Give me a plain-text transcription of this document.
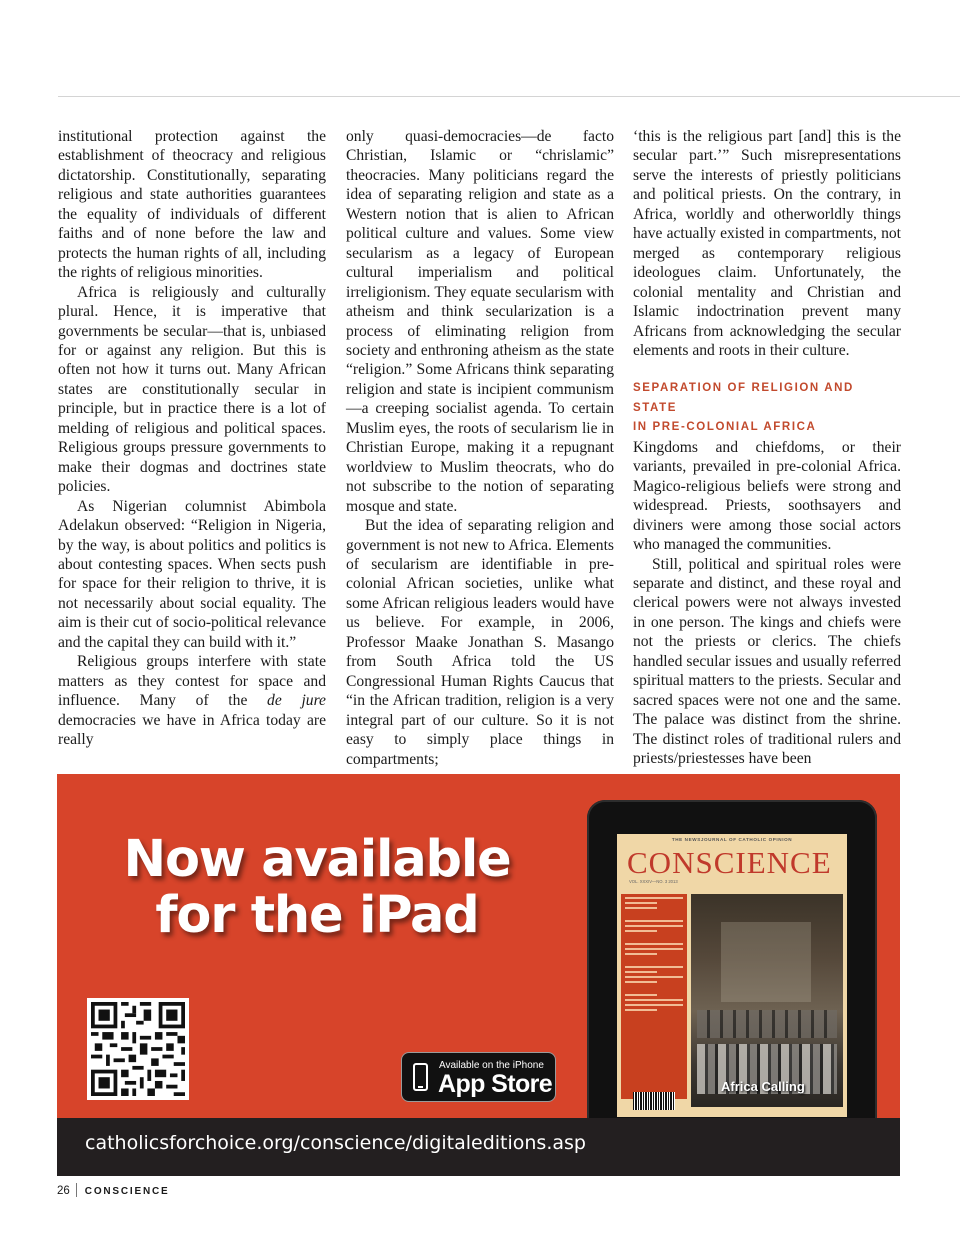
institutional protection against the establishment of theocracy and religious dictatorship. Constitutionally, separating religious and state authorities guarantees the equality of individuals of different faiths and of none before the law and protects the human rights of all, including the rights of religious minorities.

Africa is religiously and culturally plural. Hence, it is imperative that governments be secular—that is, unbiased for or against any religion. But this is often not how it turns out. Many African states are constitutionally secular in principle, but in practice there is a lot of melding of religious and political spaces. Religious groups pressure governments to make their dogmas and doctrines state policies.

As Nigerian columnist Abimbola Adelakun observed: “Religion in Nigeria, by the way, is about politics and politics is about contesting spaces. When sects push for space for their religion to thrive, it is not necessarily about social equality. The aim is their cut of socio-political relevance and the capital they can build with it.”

Religious groups interfere with state matters as they contest for space and influence. Many of the de jure democracies we have in Africa today are really

only quasi-democracies—de facto Christian, Islamic or “chrislamic” theocracies. Many politicians regard the idea of separating religion and state as a Western notion that is alien to African political culture and values. Some view secularism as a legacy of European cultural imperialism and political irreligionism. They equate secularism with atheism and think secularization is a process of eliminating religion from society and enthroning atheism as the state “religion.” Some Africans think separating religion and state is incipient communism—a creeping socialist agenda. To certain Muslim eyes, the roots of secularism lie in Christian Europe, making it a repugnant worldview to Muslim theocrats, who do not subscribe to the notion of separating mosque and state.

But the idea of separating religion and government is not new to Africa. Elements of secularism are identifiable in pre-colonial African societies, unlike what some African religious leaders would have us believe. For example, in 2006, Professor Maake Jonathan S. Masango from South Africa told the US Congressional Human Rights Caucus that “in the African tradition, religion is a very integral part of our culture. So it is not easy to simply place things in compartments;

‘this is the religious part [and] this is the secular part.’” Such misrepresentations serve the interests of priestly politicians and political priests. On the contrary, in Africa, worldly and otherworldly things have actually existed in compartments, not merged as contemporary religious ideologues claim. Unfortunately, the colonial mentality and Christian and Islamic indoctrination prevent many Africans from acknowledging the secular elements and roots in their culture.

SEPARATION OF RELIGION AND STATE
IN PRE-COLONIAL AFRICA

Kingdoms and chiefdoms, or their variants, prevailed in pre-colonial Africa. Magico-religious beliefs were strong and widespread. Priests, soothsayers and diviners were among those social actors who managed the communities.

Still, political and spiritual roles were separate and distinct, and these royal and clerical powers were not always invested in one person. The kings and chiefs were not the priests or clerics. The chiefs handled secular issues and usually referred spiritual matters to the priests. Secular and sacred spaces were not one and the same. The palace was distinct from the shrine. The distinct roles of traditional rulers and priests/priestesses have been

Now available
for the iPad
Available on the iPhone
App Store
THE NEWSJOURNAL OF CATHOLIC OPINION
CONSCIENCE
VOL. XXXIV—NO. 3 2013
Africa Calling
catholicsforchoice.org/conscience/digitaleditions.asp
26 CONSCIENCE
